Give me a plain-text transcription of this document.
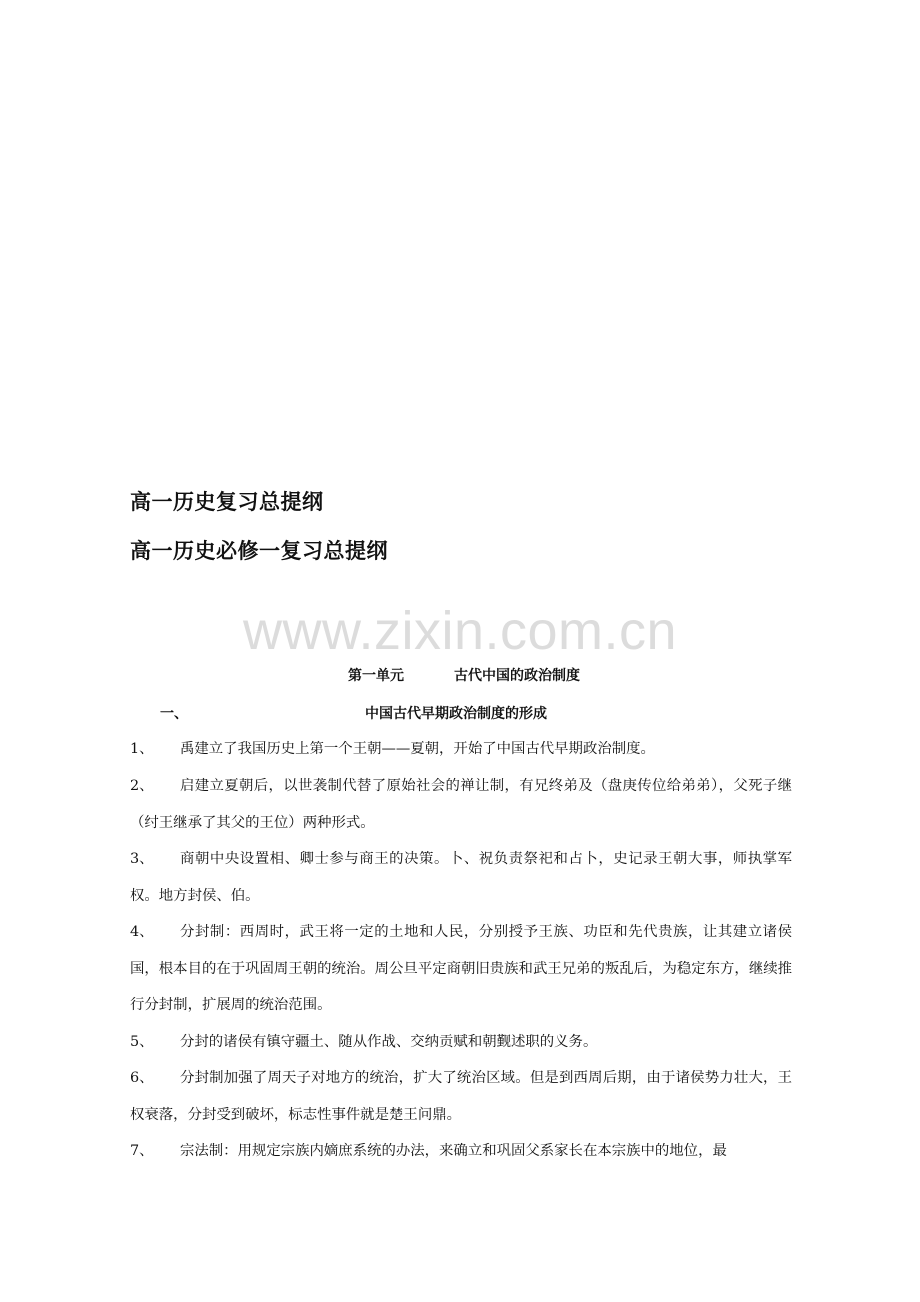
高一历史复习总提纲
高一历史必修一复习总提纲
www.zixin.com.cn
第一单元	古代中国的政治制度
一、	中国古代早期政治制度的形成
1、	禹建立了我国历史上第一个王朝——夏朝，开始了中国古代早期政治制度。
2、	启建立夏朝后，以世袭制代替了原始社会的禅让制，有兄终弟及（盘庚传位给弟弟），父死子继（纣王继承了其父的王位）两种形式。
3、	商朝中央设置相、卿士参与商王的决策。卜、祝负责祭祀和占卜，史记录王朝大事，师执掌军权。地方封侯、伯。
4、	分封制：西周时，武王将一定的土地和人民，分别授予王族、功臣和先代贵族，让其建立诸侯国，根本目的在于巩固周王朝的统治。周公旦平定商朝旧贵族和武王兄弟的叛乱后，为稳定东方，继续推行分封制，扩展周的统治范围。
5、	分封的诸侯有镇守疆土、随从作战、交纳贡赋和朝觐述职的义务。
6、	分封制加强了周天子对地方的统治，扩大了统治区域。但是到西周后期，由于诸侯势力壮大，王权衰落，分封受到破坏，标志性事件就是楚王问鼎。
7、	宗法制：用规定宗族内嫡庶系统的办法，来确立和巩固父系家长在本宗族中的地位，最
